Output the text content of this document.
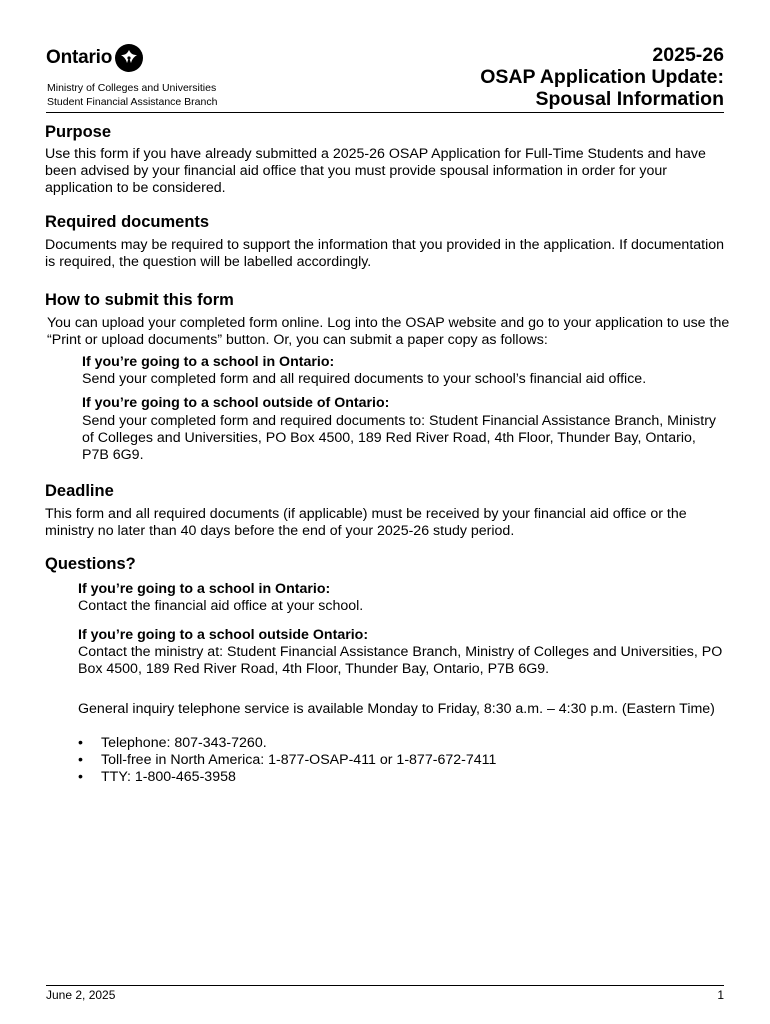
Ontario
Ministry of Colleges and Universities
Student Financial Assistance Branch
2025-26
OSAP Application Update:
Spousal Information
Purpose
Use this form if you have already submitted a 2025-26 OSAP Application for Full-Time Students and have been advised by your financial aid office that you must provide spousal information in order for your application to be considered.
Required documents
Documents may be required to support the information that you provided in the application. If documentation is required, the question will be labelled accordingly.
How to submit this form
You can upload your completed form online. Log into the OSAP website and go to your application to use the “Print or upload documents” button. Or, you can submit a paper copy as follows:
If you’re going to a school in Ontario:
Send your completed form and all required documents to your school’s financial aid office.
If you’re going to a school outside of Ontario:
Send your completed form and required documents to: Student Financial Assistance Branch, Ministry of Colleges and Universities, PO Box 4500, 189 Red River Road, 4th Floor, Thunder Bay, Ontario, P7B 6G9.
Deadline
This form and all required documents (if applicable) must be received by your financial aid office or the ministry no later than 40 days before the end of your 2025-26 study period.
Questions?
If you’re going to a school in Ontario:
Contact the financial aid office at your school.
If you’re going to a school outside Ontario:
Contact the ministry at: Student Financial Assistance Branch, Ministry of Colleges and Universities, PO Box 4500, 189 Red River Road, 4th Floor, Thunder Bay, Ontario, P7B 6G9.
General inquiry telephone service is available Monday to Friday, 8:30 a.m. – 4:30 p.m. (Eastern Time)
• Telephone: 807-343-7260.
• Toll-free in North America: 1-877-OSAP-411 or 1-877-672-7411
• TTY: 1-800-465-3958
June 2, 2025	1
